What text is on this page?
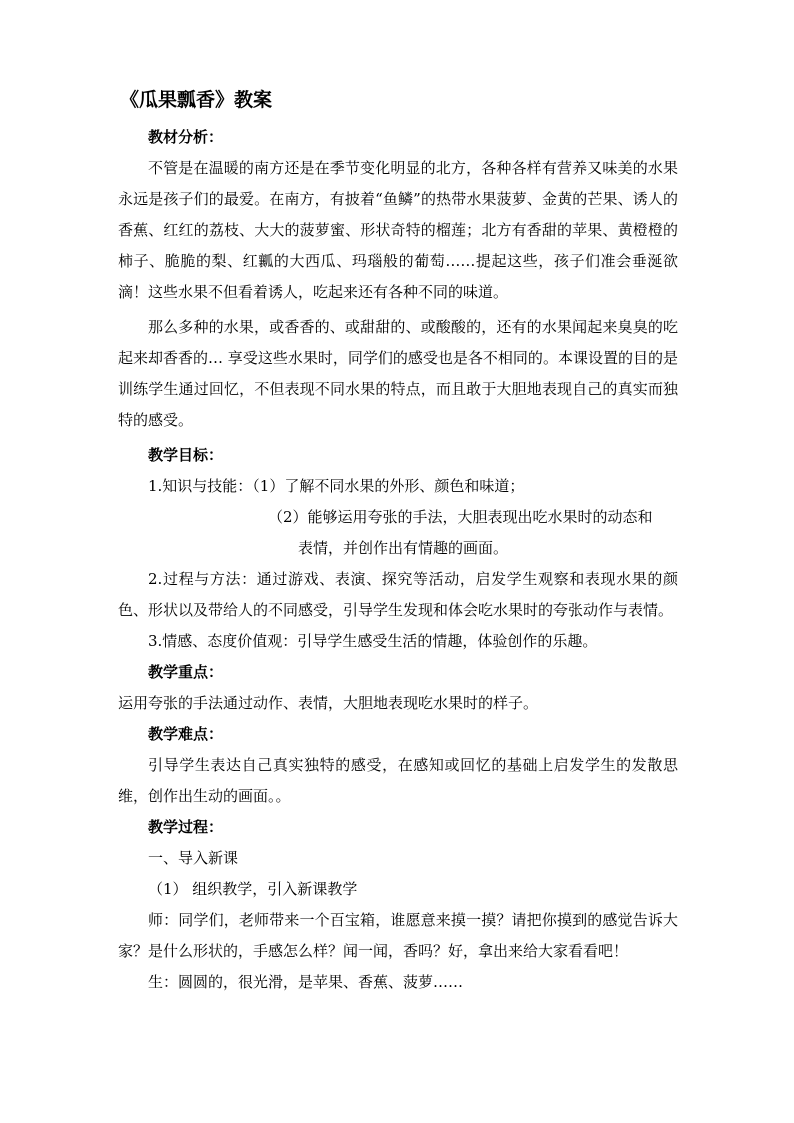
《瓜果瓢香》教案

教材分析：

不管是在温暖的南方还是在季节变化明显的北方，各种各样有营养又味美的水果永远是孩子们的最爱。在南方，有披着“鱼鳞”的热带水果菠萝、金黄的芒果、诱人的香蕉、红红的荔枝、大大的菠萝蜜、形状奇特的榴莲；北方有香甜的苹果、黄橙橙的柿子、脆脆的梨、红瓤的大西瓜、玛瑙般的葡萄……提起这些，孩子们准会垂涎欲滴！这些水果不但看着诱人，吃起来还有各种不同的味道。

那么多种的水果，或香香的、或甜甜的、或酸酸的，还有的水果闻起来臭臭的吃起来却香香的… 享受这些水果时，同学们的感受也是各不相同的。本课设置的目的是训练学生通过回忆，不但表现不同水果的特点，而且敢于大胆地表现自己的真实而独特的感受。

教学目标：

1.知识与技能：（1）了解不同水果的外形、颜色和味道；

（2）能够运用夸张的手法，大胆表现出吃水果时的动态和

表情，并创作出有情趣的画面。

2.过程与方法：通过游戏、表演、探究等活动，启发学生观察和表现水果的颜色、形状以及带给人的不同感受，引导学生发现和体会吃水果时的夸张动作与表情。

3.情感、态度价值观：引导学生感受生活的情趣，体验创作的乐趣。

教学重点：

运用夸张的手法通过动作、表情，大胆地表现吃水果时的样子。

教学难点：

引导学生表达自己真实独特的感受，在感知或回忆的基础上启发学生的发散思维，创作出生动的画面。。

教学过程：

一、导入新课

（1） 组织教学，引入新课教学

师：同学们，老师带来一个百宝箱，谁愿意来摸一摸？请把你摸到的感觉告诉大家？是什么形状的，手感怎么样？闻一闻，香吗？好，拿出来给大家看看吧！

生：圆圆的，很光滑，是苹果、香蕉、菠萝……
